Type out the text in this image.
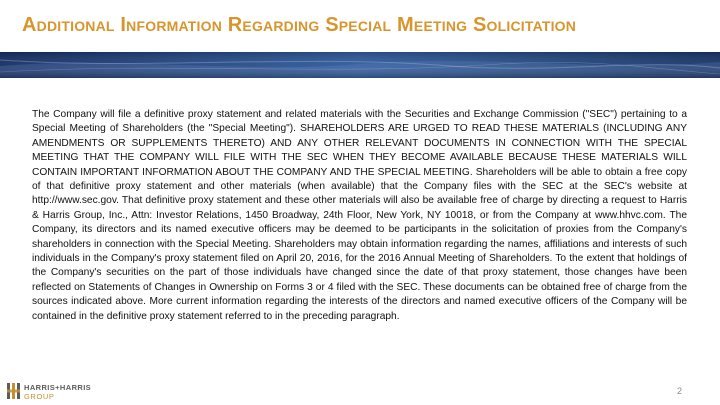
Additional Information Regarding Special Meeting Solicitation

The Company will file a definitive proxy statement and related materials with the Securities and Exchange Commission ("SEC") pertaining to a Special Meeting of Shareholders (the "Special Meeting"). SHAREHOLDERS ARE URGED TO READ THESE MATERIALS (INCLUDING ANY AMENDMENTS OR SUPPLEMENTS THERETO) AND ANY OTHER RELEVANT DOCUMENTS IN CONNECTION WITH THE SPECIAL MEETING THAT THE COMPANY WILL FILE WITH THE SEC WHEN THEY BECOME AVAILABLE BECAUSE THESE MATERIALS WILL CONTAIN IMPORTANT INFORMATION ABOUT THE COMPANY AND THE SPECIAL MEETING. Shareholders will be able to obtain a free copy of that definitive proxy statement and other materials (when available) that the Company files with the SEC at the SEC's website at http://www.sec.gov. That definitive proxy statement and these other materials will also be available free of charge by directing a request to Harris & Harris Group, Inc., Attn: Investor Relations, 1450 Broadway, 24th Floor, New York, NY 10018, or from the Company at www.hhvc.com. The Company, its directors and its named executive officers may be deemed to be participants in the solicitation of proxies from the Company's shareholders in connection with the Special Meeting. Shareholders may obtain information regarding the names, affiliations and interests of such individuals in the Company's proxy statement filed on April 20, 2016, for the 2016 Annual Meeting of Shareholders. To the extent that holdings of the Company's securities on the part of those individuals have changed since the date of that proxy statement, those changes have been reflected on Statements of Changes in Ownership on Forms 3 or 4 filed with the SEC. These documents can be obtained free of charge from the sources indicated above. More current information regarding the interests of the directors and named executive officers of the Company will be contained in the definitive proxy statement referred to in the preceding paragraph.

HARRIS+HARRIS
GROUP
2
